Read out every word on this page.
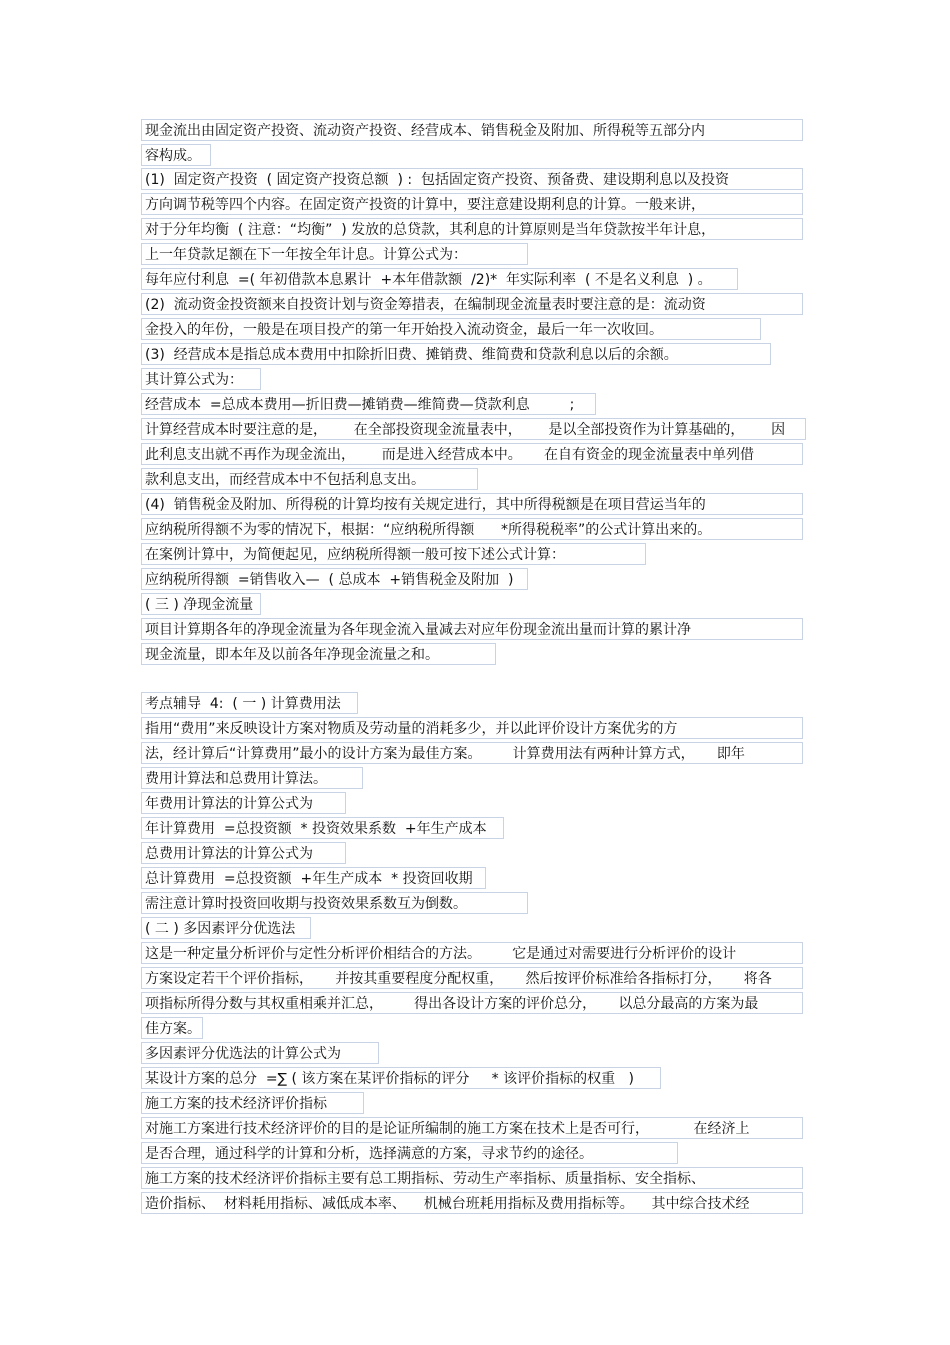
现金流出由固定资产投资、流动资产投资、经营成本、销售税金及附加、所得税等五部分内
容构成。
(1)  固定资产投资  ( 固定资产投资总额  ) :  包括固定资产投资、预备费、建设期利息以及投资
方向调节税等四个内容。在固定资产投资的计算中，要注意建设期利息的计算。一般来讲，
对于分年均衡  ( 注意：“均衡”  ) 发放的总贷款，其利息的计算原则是当年贷款按半年计息，
上一年贷款足额在下一年按全年计息。计算公式为：
每年应付利息  =( 年初借款本息累计  +本年借款额  /2)*  年实际利率  ( 不是名义利息  ) 。
(2)  流动资金投资额来自投资计划与资金筹措表，在编制现金流量表时要注意的是：流动资
金投入的年份，一般是在项目投产的第一年开始投入流动资金，最后一年一次收回。
(3)  经营成本是指总成本费用中扣除折旧费、摊销费、维简费和贷款利息以后的余额。
其计算公式为：
经营成本  =总成本费用—折旧费—摊销费—维简费—贷款利息         ;
计算经营成本时要注意的是，      在全部投资现金流量表中，      是以全部投资作为计算基础的，      因
此利息支出就不再作为现金流出，      而是进入经营成本中。     在自有资金的现金流量表中单列借
款利息支出，而经营成本中不包括利息支出。
(4)  销售税金及附加、所得税的计算均按有关规定进行，其中所得税额是在项目营运当年的
应纳税所得额不为零的情况下，根据：“应纳税所得额      *所得税税率”的公式计算出来的。
在案例计算中，为简便起见，应纳税所得额一般可按下述公式计算：
应纳税所得额  =销售收入—  ( 总成本  +销售税金及附加  )
( 三 ) 净现金流量
项目计算期各年的净现金流量为各年现金流入量减去对应年份现金流出量而计算的累计净
现金流量，即本年及以前各年净现金流量之和。
考点辅导  4:  ( 一 ) 计算费用法
指用“费用”来反映设计方案对物质及劳动量的消耗多少，并以此评价设计方案优劣的方
法，经计算后“计算费用”最小的设计方案为最佳方案。       计算费用法有两种计算方式，     即年
费用计算法和总费用计算法。
年费用计算法的计算公式为
年计算费用  =总投资额  * 投资效果系数  +年生产成本
总费用计算法的计算公式为
总计算费用  =总投资额  +年生产成本  * 投资回收期
需注意计算时投资回收期与投资效果系数互为倒数。
( 二 ) 多因素评分优选法
这是一种定量分析评价与定性分析评价相结合的方法。       它是通过对需要进行分析评价的设计
方案设定若干个评价指标，     并按其重要程度分配权重，     然后按评价标准给各指标打分，     将各
项指标所得分数与其权重相乘并汇总，       得出各设计方案的评价总分，     以总分最高的方案为最
佳方案。
多因素评分优选法的计算公式为
某设计方案的总分  =∑ ( 该方案在某评价指标的评分     * 该评价指标的权重   )
施工方案的技术经济评价指标
对施工方案进行技术经济评价的目的是论证所编制的施工方案在技术上是否可行，          在经济上
是否合理，通过科学的计算和分析，选择满意的方案，寻求节约的途径。
施工方案的技术经济评价指标主要有总工期指标、劳动生产率指标、质量指标、安全指标、
造价指标、  材料耗用指标、减低成本率、    机械台班耗用指标及费用指标等。    其中综合技术经
